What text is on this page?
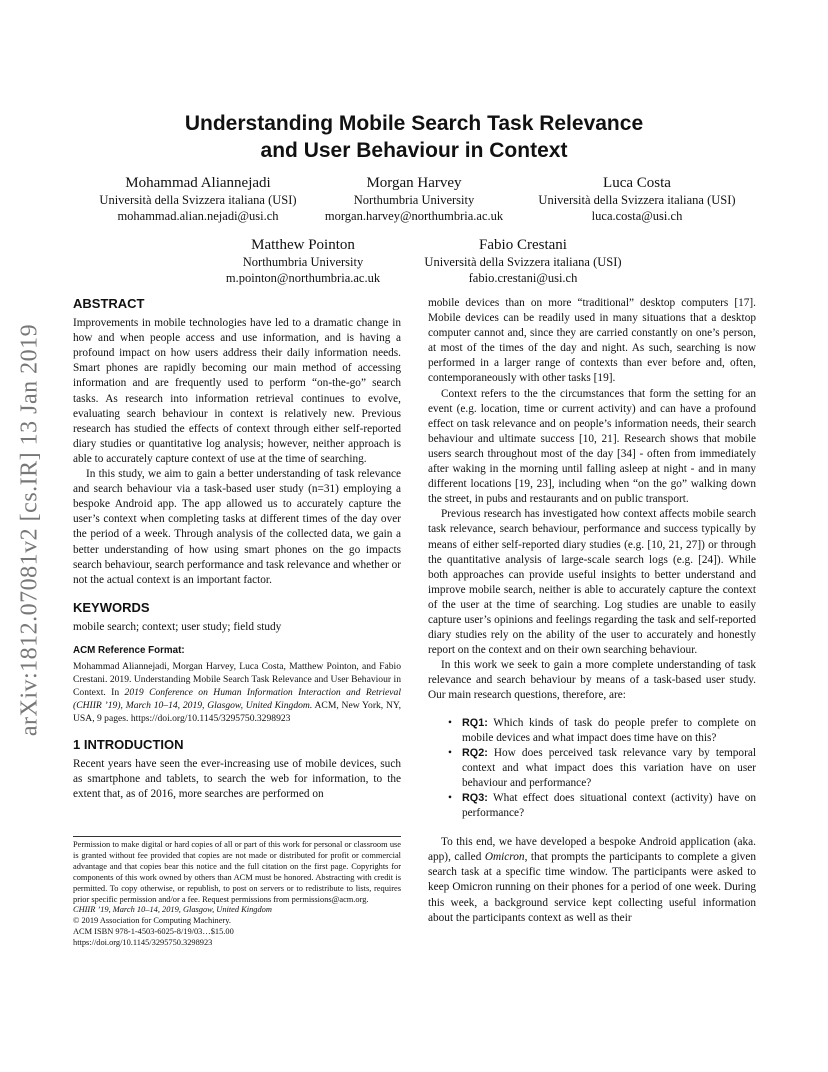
arXiv:1812.07081v2 [cs.IR] 13 Jan 2019
Understanding Mobile Search Task Relevance
and User Behaviour in Context
Mohammad Aliannejadi
Università della Svizzera italiana (USI)
mohammad.alian.nejadi@usi.ch
Morgan Harvey
Northumbria University
morgan.harvey@northumbria.ac.uk
Luca Costa
Università della Svizzera italiana (USI)
luca.costa@usi.ch
Matthew Pointon
Northumbria University
m.pointon@northumbria.ac.uk
Fabio Crestani
Università della Svizzera italiana (USI)
fabio.crestani@usi.ch
ABSTRACT

Improvements in mobile technologies have led to a dramatic change in how and when people access and use information, and is having a profound impact on how users address their daily information needs. Smart phones are rapidly becoming our main method of accessing information and are frequently used to perform “on-the-go” search tasks. As research into information retrieval continues to evolve, evaluating search behaviour in context is relatively new. Previous research has studied the effects of context through either self-reported diary studies or quantitative log analysis; however, neither approach is able to accurately capture context of use at the time of searching.

In this study, we aim to gain a better understanding of task relevance and search behaviour via a task-based user study (n=31) employing a bespoke Android app. The app allowed us to accurately capture the user’s context when completing tasks at different times of the day over the period of a week. Through analysis of the collected data, we gain a better understanding of how using smart phones on the go impacts search behaviour, search performance and task relevance and whether or not the actual context is an important factor.

KEYWORDS

mobile search; context; user study; field study

ACM Reference Format:

Mohammad Aliannejadi, Morgan Harvey, Luca Costa, Matthew Pointon, and Fabio Crestani. 2019. Understanding Mobile Search Task Relevance and User Behaviour in Context. In 2019 Conference on Human Information Interaction and Retrieval (CHIIR ’19), March 10–14, 2019, Glasgow, United Kingdom. ACM, New York, NY, USA, 9 pages. https://doi.org/10.1145/3295750.3298923

1 INTRODUCTION

Recent years have seen the ever-increasing use of mobile devices, such as smartphone and tablets, to search the web for information, to the extent that, as of 2016, more searches are performed on

Permission to make digital or hard copies of all or part of this work for personal or classroom use is granted without fee provided that copies are not made or distributed for profit or commercial advantage and that copies bear this notice and the full citation on the first page. Copyrights for components of this work owned by others than ACM must be honored. Abstracting with credit is permitted. To copy otherwise, or republish, to post on servers or to redistribute to lists, requires prior specific permission and/or a fee. Request permissions from permissions@acm.org.

CHIIR ’19, March 10–14, 2019, Glasgow, United Kingdom

© 2019 Association for Computing Machinery.

ACM ISBN 978-1-4503-6025-8/19/03…$15.00

https://doi.org/10.1145/3295750.3298923

mobile devices than on more “traditional” desktop computers [17]. Mobile devices can be readily used in many situations that a desktop computer cannot and, since they are carried constantly on one’s person, at most of the times of the day and night. As such, searching is now performed in a larger range of contexts than ever before and, often, contemporaneously with other tasks [19].

Context refers to the the circumstances that form the setting for an event (e.g. location, time or current activity) and can have a profound effect on task relevance and on people’s information needs, their search behaviour and ultimate success [10, 21]. Research shows that mobile users search throughout most of the day [34] - often from immediately after waking in the morning until falling asleep at night - and in many different locations [19, 23], including when “on the go” walking down the street, in pubs and restaurants and on public transport.

Previous research has investigated how context affects mobile search task relevance, search behaviour, performance and success typically by means of either self-reported diary studies (e.g. [10, 21, 27]) or through the quantitative analysis of large-scale search logs (e.g. [24]). While both approaches can provide useful insights to better understand and improve mobile search, neither is able to accurately capture the context of the user at the time of searching. Log studies are unable to easily capture user’s opinions and feelings regarding the task and self-reported diary studies rely on the ability of the user to accurately and honestly report on the context and on their own searching behaviour.

In this work we seek to gain a more complete understanding of task relevance and search behaviour by means of a task-based user study. Our main research questions, therefore, are:

• RQ1: Which kinds of task do people prefer to complete on mobile devices and what impact does time have on this?
• RQ2: How does perceived task relevance vary by temporal context and what impact does this variation have on user behaviour and performance?
• RQ3: What effect does situational context (activity) have on performance?

To this end, we have developed a bespoke Android application (aka. app), called Omicron, that prompts the participants to complete a given search task at a specific time window. The participants were asked to keep Omicron running on their phones for a period of one week. During this week, a background service kept collecting useful information about the participants context as well as their
